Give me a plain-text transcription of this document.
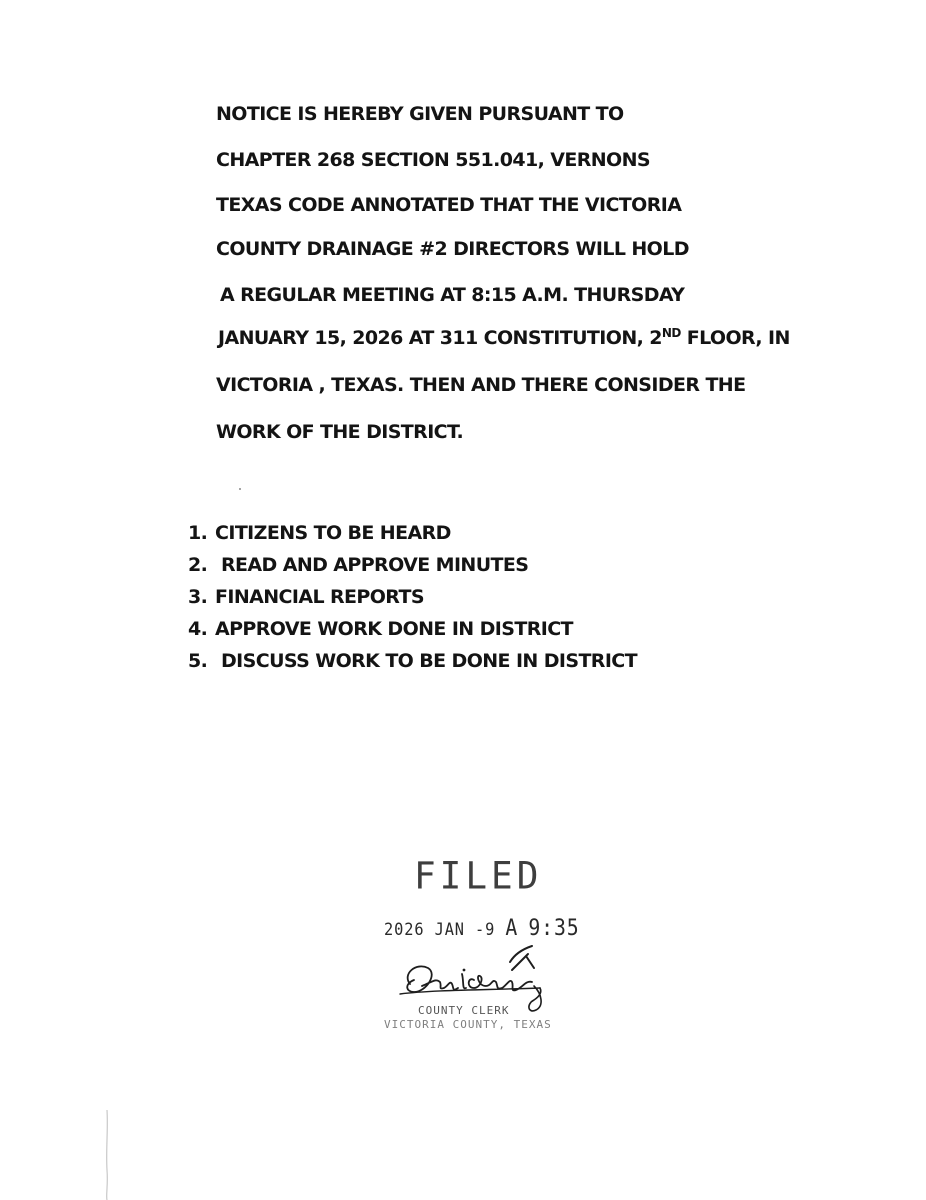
NOTICE IS HEREBY GIVEN PURSUANT TO
CHAPTER 268 SECTION 551.041, VERNONS
TEXAS CODE ANNOTATED THAT THE VICTORIA
COUNTY DRAINAGE #2 DIRECTORS WILL HOLD
A REGULAR MEETING AT 8:15 A.M. THURSDAY
JANUARY 15, 2026 AT 311 CONSTITUTION, 2ND FLOOR, IN
VICTORIA , TEXAS. THEN AND THERE CONSIDER THE
WORK OF THE DISTRICT.
1. CITIZENS TO BE HEARD
2. READ AND APPROVE MINUTES
3. FINANCIAL REPORTS
4. APPROVE WORK DONE IN DISTRICT
5. DISCUSS WORK TO BE DONE IN DISTRICT
FILED
2026 JAN -9 A 9:35
COUNTY CLERK
VICTORIA COUNTY, TEXAS
